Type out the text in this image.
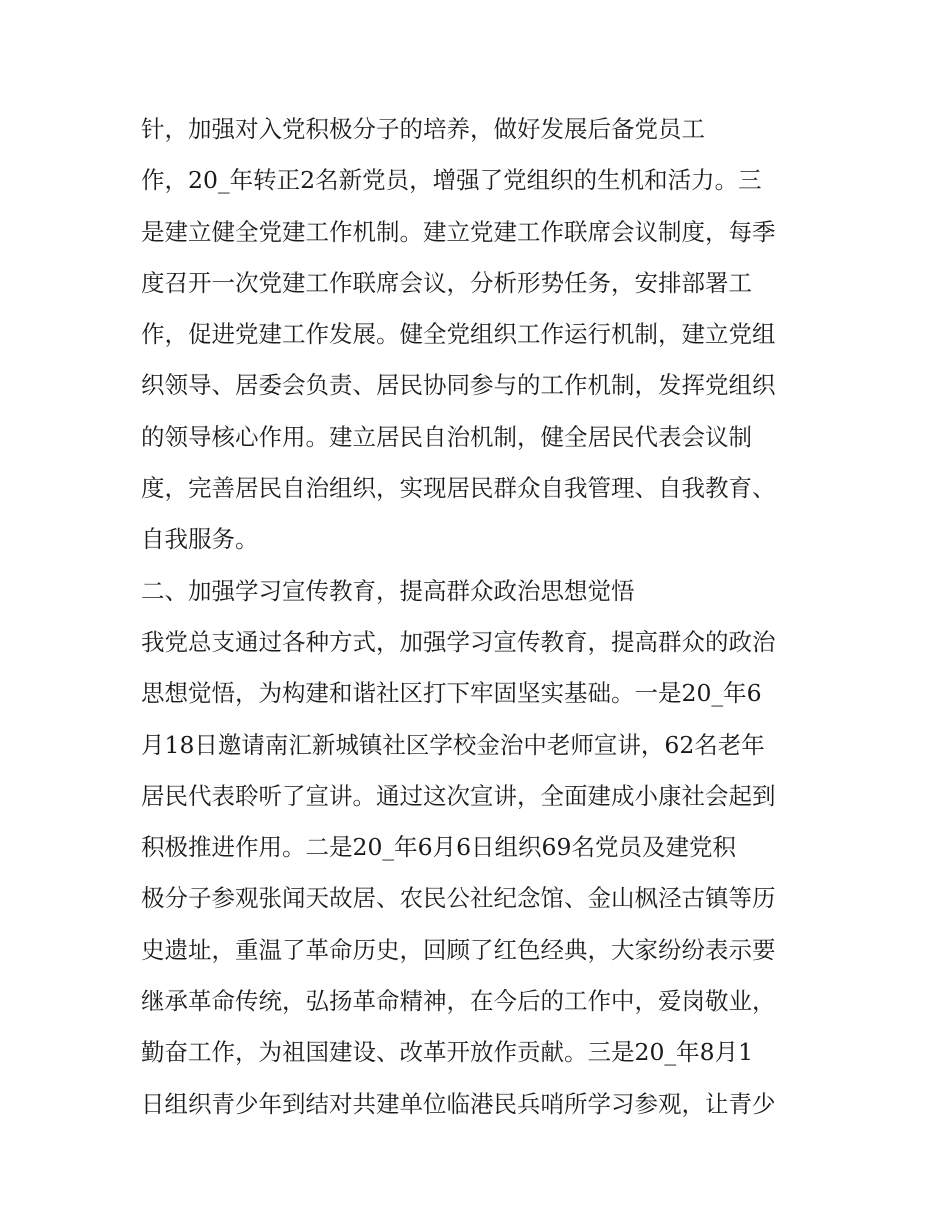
针，加强对入党积极分子的培养，做好发展后备党员工
作，20_年转正2名新党员，增强了党组织的生机和活力。三
是建立健全党建工作机制。建立党建工作联席会议制度，每季
度召开一次党建工作联席会议，分析形势任务，安排部署工
作，促进党建工作发展。健全党组织工作运行机制，建立党组
织领导、居委会负责、居民协同参与的工作机制，发挥党组织
的领导核心作用。建立居民自治机制，健全居民代表会议制
度，完善居民自治组织，实现居民群众自我管理、自我教育、
自我服务。
二、加强学习宣传教育，提高群众政治思想觉悟
我党总支通过各种方式，加强学习宣传教育，提高群众的政治
思想觉悟，为构建和谐社区打下牢固坚实基础。一是20_年6
月18日邀请南汇新城镇社区学校金治中老师宣讲，62名老年
居民代表聆听了宣讲。通过这次宣讲，全面建成小康社会起到
积极推进作用。二是20_年6月6日组织69名党员及建党积
极分子参观张闻天故居、农民公社纪念馆、金山枫泾古镇等历
史遗址，重温了革命历史，回顾了红色经典，大家纷纷表示要
继承革命传统，弘扬革命精神，在今后的工作中，爱岗敬业，
勤奋工作，为祖国建设、改革开放作贡献。三是20_年8月1
日组织青少年到结对共建单位临港民兵哨所学习参观，让青少
